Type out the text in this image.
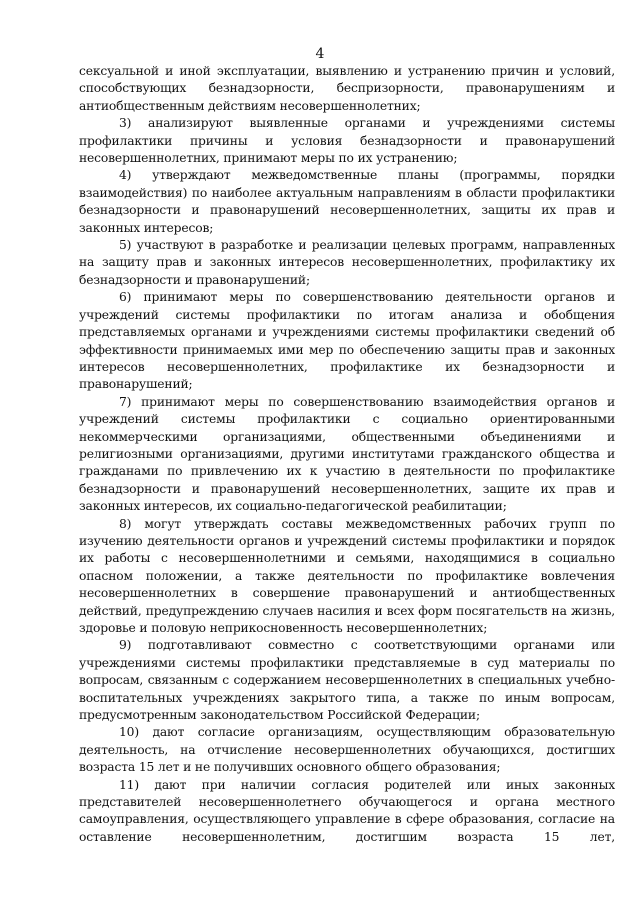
4

сексуальной и иной эксплуатации, выявлению и устранению причин и условий, способствующих безнадзорности, беспризорности, правонарушениям и антиобщественным действиям несовершеннолетних;

3) анализируют выявленные органами и учреждениями системы профилактики причины и условия безнадзорности и правонарушений несовершеннолетних, принимают меры по их устранению;

4) утверждают межведомственные планы (программы, порядки взаимодействия) по наиболее актуальным направлениям в области профилактики безнадзорности и правонарушений несовершеннолетних, защиты их прав и законных интересов;

5) участвуют в разработке и реализации целевых программ, направленных на защиту прав и законных интересов несовершеннолетних, профилактику их безнадзорности и правонарушений;

6) принимают меры по совершенствованию деятельности органов и учреждений системы профилактики по итогам анализа и обобщения представляемых органами и учреждениями системы профилактики сведений об эффективности принимаемых ими мер по обеспечению защиты прав и законных интересов несовершеннолетних, профилактике их безнадзорности и правонарушений;

7) принимают меры по совершенствованию взаимодействия органов и учреждений системы профилактики с социально ориентированными некоммерческими организациями, общественными объединениями и религиозными организациями, другими институтами гражданского общества и гражданами по привлечению их к участию в деятельности по профилактике безнадзорности и правонарушений несовершеннолетних, защите их прав и законных интересов, их социально-педагогической реабилитации;

8) могут утверждать составы межведомственных рабочих групп по изучению деятельности органов и учреждений системы профилактики и порядок их работы с несовершеннолетними и семьями, находящимися в социально опасном положении, а также деятельности по профилактике вовлечения несовершеннолетних в совершение правонарушений и антиобщественных действий, предупреждению случаев насилия и всех форм посягательств на жизнь, здоровье и половую неприкосновенность несовершеннолетних;

9) подготавливают совместно с соответствующими органами или учреждениями системы профилактики представляемые в суд материалы по вопросам, связанным с содержанием несовершеннолетних в специальных учебно-воспитательных учреждениях закрытого типа, а также по иным вопросам, предусмотренным законодательством Российской Федерации;

10) дают согласие организациям, осуществляющим образовательную деятельность, на отчисление несовершеннолетних обучающихся, достигших возраста 15 лет и не получивших основного общего образования;

11) дают при наличии согласия родителей или иных законных представителей несовершеннолетнего обучающегося и органа местного самоуправления, осуществляющего управление в сфере образования, согласие на оставление несовершеннолетним, достигшим возраста 15 лет,
